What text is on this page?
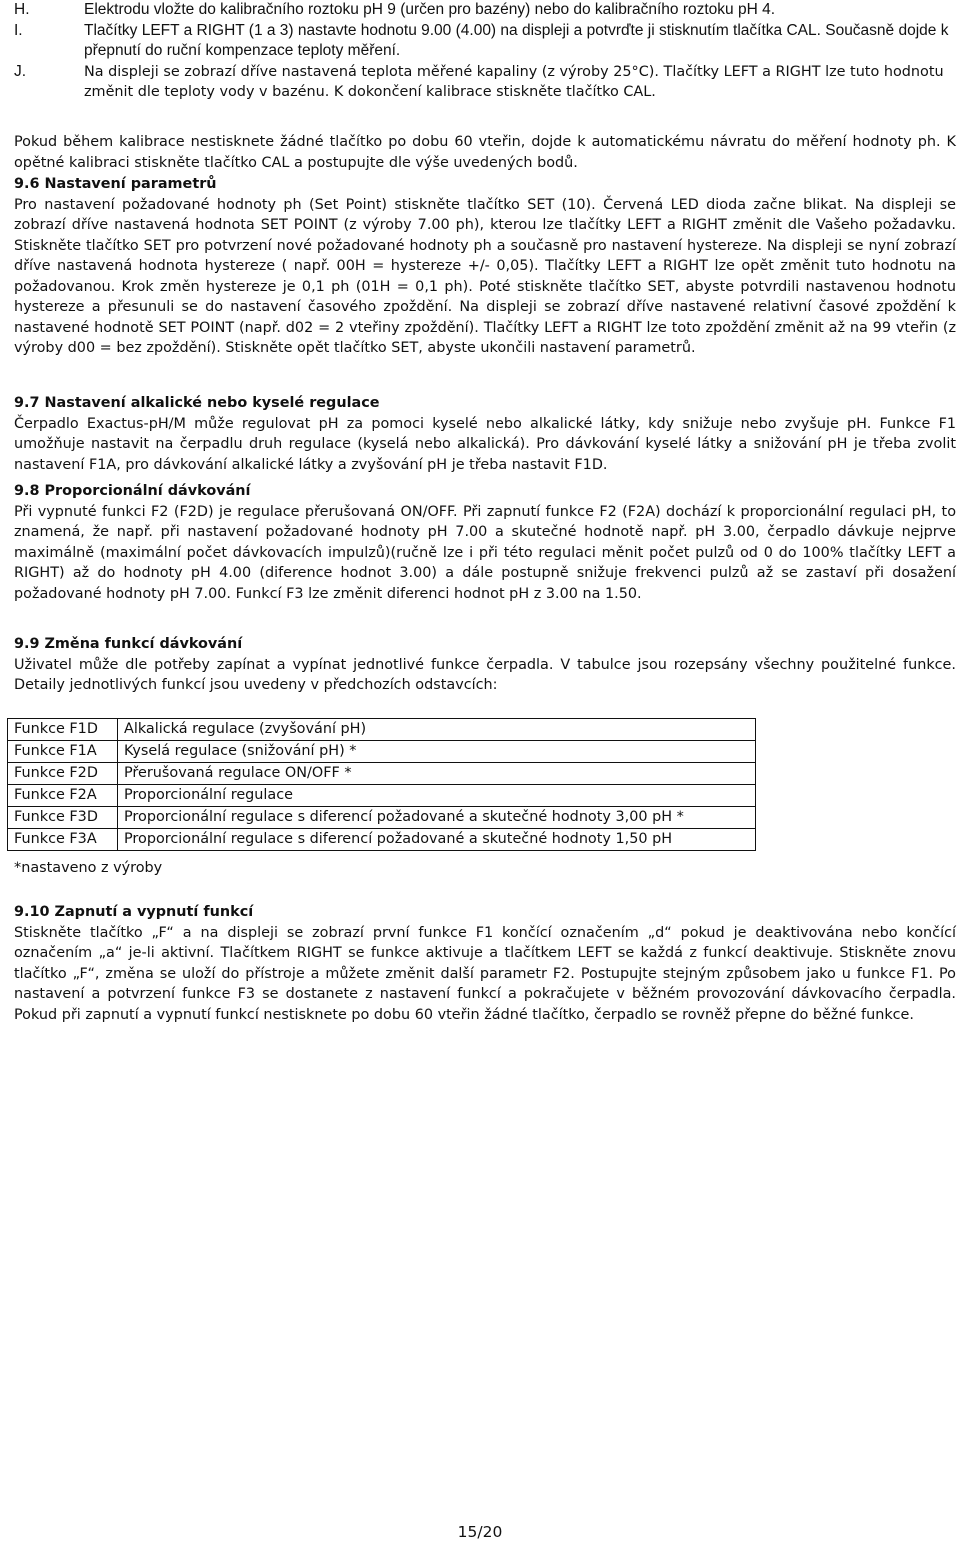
H.	Elektrodu vložte do kalibračního roztoku pH 9 (určen pro bazény) nebo do kalibračního roztoku pH 4.
I.	Tlačítky LEFT a RIGHT (1 a 3) nastavte hodnotu 9.00 (4.00) na displeji a potvrďte ji stisknutím tlačítka CAL. Současně dojde k přepnutí do ruční kompenzace teploty měření.
J.	Na displeji se zobrazí dříve nastavená teplota měřené kapaliny (z výroby 25°C). Tlačítky LEFT a RIGHT lze tuto hodnotu změnit dle teploty vody v bazénu. K dokončení kalibrace stiskněte tlačítko CAL.

Pokud během kalibrace nestisknete žádné tlačítko po dobu 60 vteřin, dojde k automatickému návratu do měření hodnoty ph. K opětné kalibraci stiskněte tlačítko CAL a postupujte dle výše uvedených bodů.

9.6 Nastavení parametrů

Pro nastavení požadované hodnoty ph (Set Point) stiskněte tlačítko SET (10). Červená LED dioda začne blikat. Na displeji se zobrazí dříve nastavená hodnota SET POINT (z výroby 7.00 ph), kterou lze tlačítky LEFT a RIGHT změnit dle Vašeho požadavku. Stiskněte tlačítko SET pro potvrzení nové požadované hodnoty ph a současně pro nastavení hystereze. Na displeji se nyní zobrazí dříve nastavená hodnota hystereze ( např. 00H = hystereze +/- 0,05). Tlačítky LEFT a RIGHT lze opět změnit tuto hodnotu na požadovanou. Krok změn hystereze je 0,1 ph (01H = 0,1 ph). Poté stiskněte tlačítko SET, abyste potvrdili nastavenou hodnotu hystereze a přesunuli se do nastavení časového zpoždění. Na displeji se zobrazí dříve nastavené relativní časové zpoždění k nastavené hodnotě SET POINT (např. d02 = 2 vteřiny zpoždění). Tlačítky LEFT a RIGHT lze toto zpoždění změnit až na 99 vteřin (z výroby d00 = bez zpoždění). Stiskněte opět tlačítko SET, abyste ukončili nastavení parametrů.

9.7 Nastavení alkalické nebo kyselé regulace

Čerpadlo Exactus-pH/M může regulovat pH za pomoci kyselé nebo alkalické látky, kdy snižuje nebo zvyšuje pH. Funkce F1 umožňuje nastavit na čerpadlu druh regulace (kyselá nebo alkalická). Pro dávkování kyselé látky a snižování pH je třeba zvolit nastavení F1A, pro dávkování alkalické látky a zvyšování pH je třeba nastavit F1D.

9.8 Proporcionální dávkování

Při vypnuté funkci F2 (F2D) je regulace přerušovaná ON/OFF. Při zapnutí funkce F2 (F2A) dochází k proporcionální regulaci pH, to znamená, že např. při nastavení požadované hodnoty pH 7.00 a skutečné hodnotě např. pH 3.00, čerpadlo dávkuje nejprve maximálně (maximální počet dávkovacích impulzů)(ručně lze i při této regulaci měnit počet pulzů od 0 do 100% tlačítky LEFT a RIGHT) až do hodnoty pH 4.00 (diference hodnot 3.00) a dále postupně snižuje frekvenci pulzů až se zastaví při dosažení požadované hodnoty pH 7.00. Funkcí F3 lze změnit diferenci hodnot pH z 3.00 na 1.50.

9.9 Změna funkcí dávkování

Uživatel může dle potřeby zapínat a vypínat jednotlivé funkce čerpadla. V tabulce jsou rozepsány všechny použitelné funkce. Detaily jednotlivých funkcí jsou uvedeny v předchozích odstavcích:

Funkce F1D	Alkalická regulace (zvyšování pH)
Funkce F1A	Kyselá regulace (snižování pH) *
Funkce F2D	Přerušovaná regulace ON/OFF *
Funkce F2A	Proporcionální regulace
Funkce F3D	Proporcionální regulace s diferencí požadované a skutečné hodnoty 3,00 pH *
Funkce F3A	Proporcionální regulace s diferencí požadované a skutečné hodnoty 1,50 pH
*nastaveno z výroby
9.10 Zapnutí a vypnutí funkcí

Stiskněte tlačítko „F“ a na displeji se zobrazí první funkce F1 končící označením „d“ pokud je deaktivována nebo končící označením „a“ je-li aktivní. Tlačítkem RIGHT se funkce aktivuje a tlačítkem LEFT se každá z funkcí deaktivuje. Stiskněte znovu tlačítko „F“, změna se uloží do přístroje a můžete změnit další parametr F2. Postupujte stejným způsobem jako u funkce F1. Po nastavení a potvrzení funkce F3 se dostanete z nastavení funkcí a pokračujete v běžném provozování dávkovacího čerpadla. Pokud při zapnutí a vypnutí funkcí nestisknete po dobu 60 vteřin žádné tlačítko, čerpadlo se rovněž přepne do běžné funkce.

15/20
